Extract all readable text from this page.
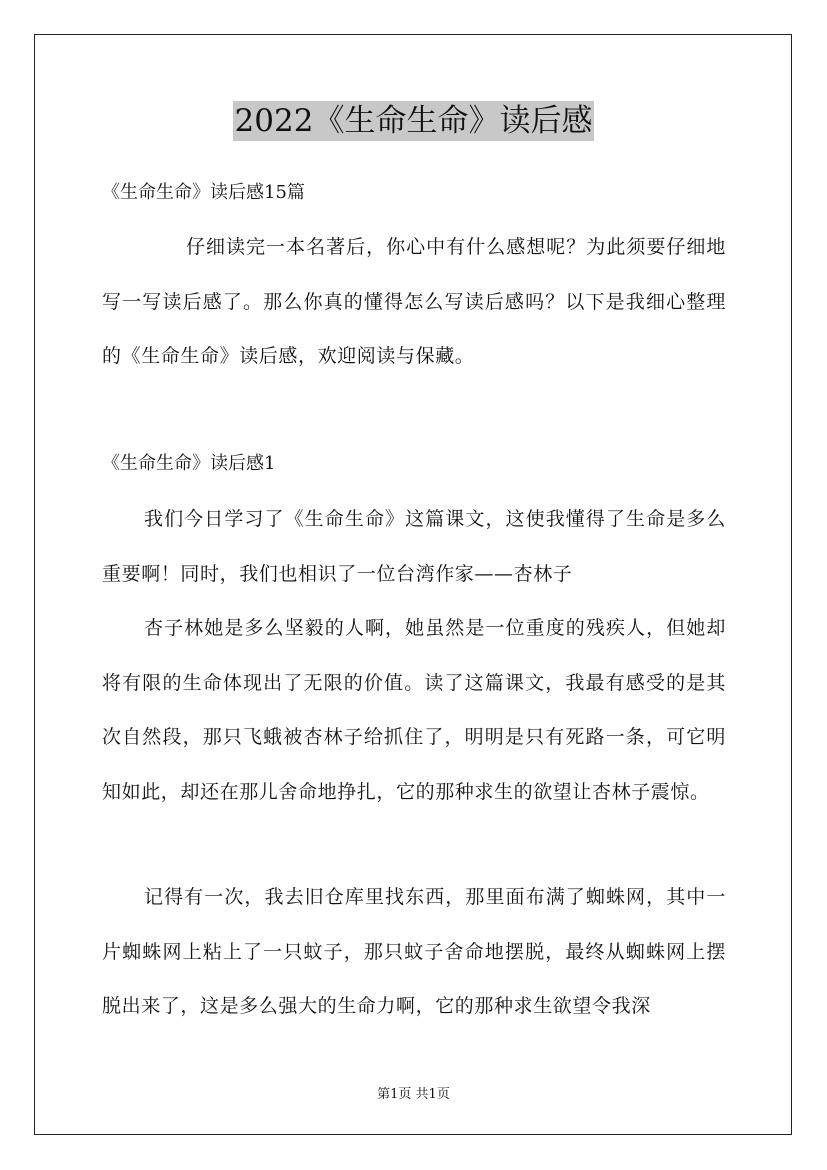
2022《生命生命》读后感
《生命生命》读后感15篇
仔细读完一本名著后，你心中有什么感想呢？为此须要仔细地写一写读后感了。那么你真的懂得怎么写读后感吗？以下是我细心整理的《生命生命》读后感，欢迎阅读与保藏。
《生命生命》读后感1
我们今日学习了《生命生命》这篇课文，这使我懂得了生命是多么重要啊！同时，我们也相识了一位台湾作家——杏林子
杏子林她是多么坚毅的人啊，她虽然是一位重度的残疾人，但她却将有限的生命体现出了无限的价值。读了这篇课文，我最有感受的是其次自然段，那只飞蛾被杏林子给抓住了，明明是只有死路一条，可它明知如此，却还在那儿舍命地挣扎，它的那种求生的欲望让杏林子震惊。
记得有一次，我去旧仓库里找东西，那里面布满了蜘蛛网，其中一片蜘蛛网上粘上了一只蚊子，那只蚊子舍命地摆脱，最终从蜘蛛网上摆脱出来了，这是多么强大的生命力啊，它的那种求生欲望令我深
第1页 共1页
